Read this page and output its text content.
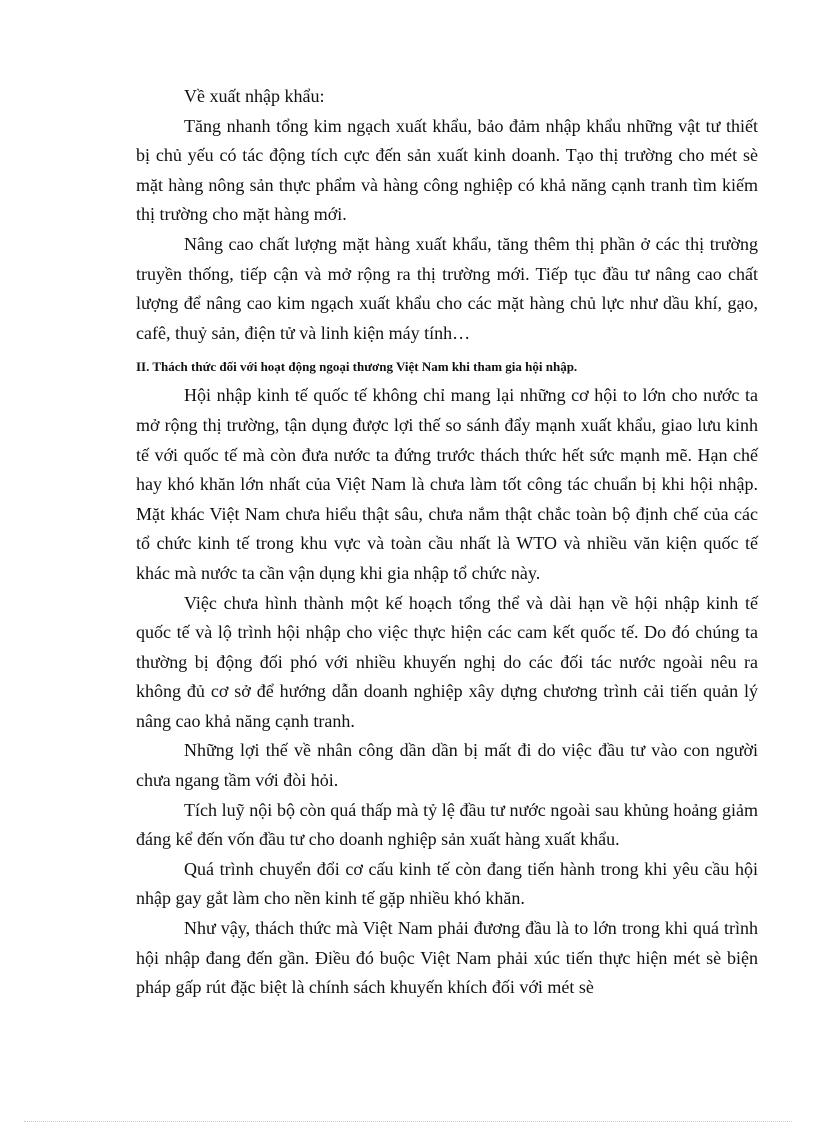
Về xuất nhập khẩu:

Tăng nhanh tổng kim ngạch xuất khẩu, bảo đảm nhập khẩu những vật tư thiết bị chủ yếu có tác động tích cực đến sản xuất kinh doanh. Tạo thị trường cho mét sè mặt hàng nông sản thực phẩm và hàng công nghiệp có khả năng cạnh tranh tìm kiếm thị trường cho mặt hàng mới.

Nâng cao chất lượng mặt hàng xuất khẩu, tăng thêm thị phần ở các thị trường truyền thống, tiếp cận và mở rộng ra thị trường mới. Tiếp tục đầu tư nâng cao chất lượng để nâng cao kim ngạch xuất khẩu cho các mặt hàng chủ lực như dầu khí, gạo, cafê, thuỷ sản, điện tử và linh kiện máy tính…

II. Thách thức đối với hoạt động ngoại thương Việt Nam khi tham gia hội nhập.

Hội nhập kinh tế quốc tế không chỉ mang lại những cơ hội to lớn cho nước ta mở rộng thị trường, tận dụng được lợi thế so sánh đẩy mạnh xuất khẩu, giao lưu kinh tế với quốc tế mà còn đưa nước ta đứng trước thách thức hết sức mạnh mẽ. Hạn chế hay khó khăn lớn nhất của Việt Nam là chưa làm tốt công tác chuẩn bị khi hội nhập. Mặt khác Việt Nam chưa hiểu thật sâu, chưa nắm thật chắc toàn bộ định chế của các tổ chức kinh tế trong khu vực và toàn cầu nhất là WTO và nhiều văn kiện quốc tế khác mà nước ta cần vận dụng khi gia nhập tổ chức này.

Việc chưa hình thành một kế hoạch tổng thể và dài hạn về hội nhập kinh tế quốc tế và lộ trình hội nhập cho việc thực hiện các cam kết quốc tế. Do đó chúng ta thường bị động đối phó với nhiều khuyến nghị do các đối tác nước ngoài nêu ra không đủ cơ sở để hướng dẫn doanh nghiệp xây dựng chương trình cải tiến quản lý nâng cao khả năng cạnh tranh.

Những lợi thế về nhân công dần dần bị mất đi do việc đầu tư vào con người chưa ngang tầm với đòi hỏi.

Tích luỹ nội bộ còn quá thấp mà tỷ lệ đầu tư nước ngoài sau khủng hoảng giảm đáng kể đến vốn đầu tư cho doanh nghiệp sản xuất hàng xuất khẩu.

Quá trình chuyển đổi cơ cấu kinh tế còn đang tiến hành trong khi yêu cầu hội nhập gay gắt làm cho nền kinh tế gặp nhiều khó khăn.

Như vậy, thách thức mà Việt Nam phải đương đầu là to lớn trong khi quá trình hội nhập đang đến gần. Điều đó buộc Việt Nam phải xúc tiến thực hiện mét sè biện pháp gấp rút đặc biệt là chính sách khuyến khích đối với mét sè
